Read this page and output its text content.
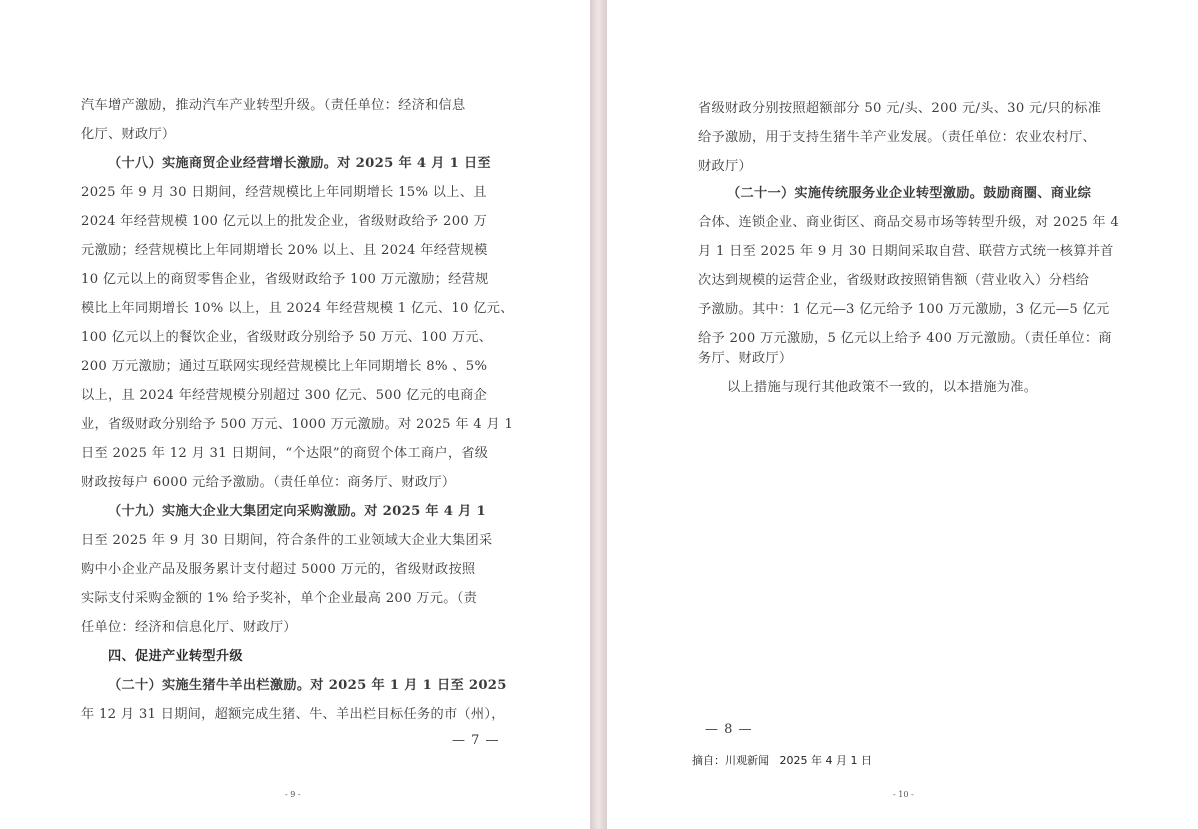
汽车增产激励，推动汽车产业转型升级。（责任单位：经济和信息
化厅、财政厅）
（十八）实施商贸企业经营增长激励。对 2025 年 4 月 1 日至
2025 年 9 月 30 日期间，经营规模比上年同期增长 15% 以上、且
2024 年经营规模 100 亿元以上的批发企业，省级财政给予 200 万
元激励；经营规模比上年同期增长 20% 以上、且 2024 年经营规模
10 亿元以上的商贸零售企业，省级财政给予 100 万元激励；经营规
模比上年同期增长 10% 以上，且 2024 年经营规模 1 亿元、10 亿元、
100 亿元以上的餐饮企业，省级财政分别给予 50 万元、100 万元、
200 万元激励；通过互联网实现经营规模比上年同期增长 8% 、5%
以上，且 2024 年经营规模分别超过 300 亿元、500 亿元的电商企
业，省级财政分别给予 500 万元、1000 万元激励。对 2025 年 4 月 1
日至 2025 年 12 月 31 日期间，“个达限”的商贸个体工商户，省级
财政按每户 6000 元给予激励。（责任单位：商务厅、财政厅）
（十九）实施大企业大集团定向采购激励。对 2025 年 4 月 1
日至 2025 年 9 月 30 日期间，符合条件的工业领域大企业大集团采
购中小企业产品及服务累计支付超过 5000 万元的，省级财政按照
实际支付采购金额的 1% 给予奖补，单个企业最高 200 万元。（责
任单位：经济和信息化厅、财政厅）
四、促进产业转型升级
（二十）实施生猪牛羊出栏激励。对 2025 年 1 月 1 日至 2025
年 12 月 31 日期间，超额完成生猪、牛、羊出栏目标任务的市（州），
— 7 —
- 9 -
省级财政分别按照超额部分 50 元/头、200 元/头、30 元/只的标准
给予激励，用于支持生猪牛羊产业发展。（责任单位：农业农村厅、
财政厅）
（二十一）实施传统服务业企业转型激励。鼓励商圈、商业综
合体、连锁企业、商业街区、商品交易市场等转型升级，对 2025 年 4
月 1 日至 2025 年 9 月 30 日期间采取自营、联营方式统一核算并首
次达到规模的运营企业，省级财政按照销售额（营业收入）分档给
予激励。其中：1 亿元—3 亿元给予 100 万元激励，3 亿元—5 亿元
给予 200 万元激励，5 亿元以上给予 400 万元激励。（责任单位：商
务厅、财政厅）
以上措施与现行其他政策不一致的，以本措施为准。
— 8 —
摘自：川观新闻   2025 年 4 月 1 日
- 10 -
